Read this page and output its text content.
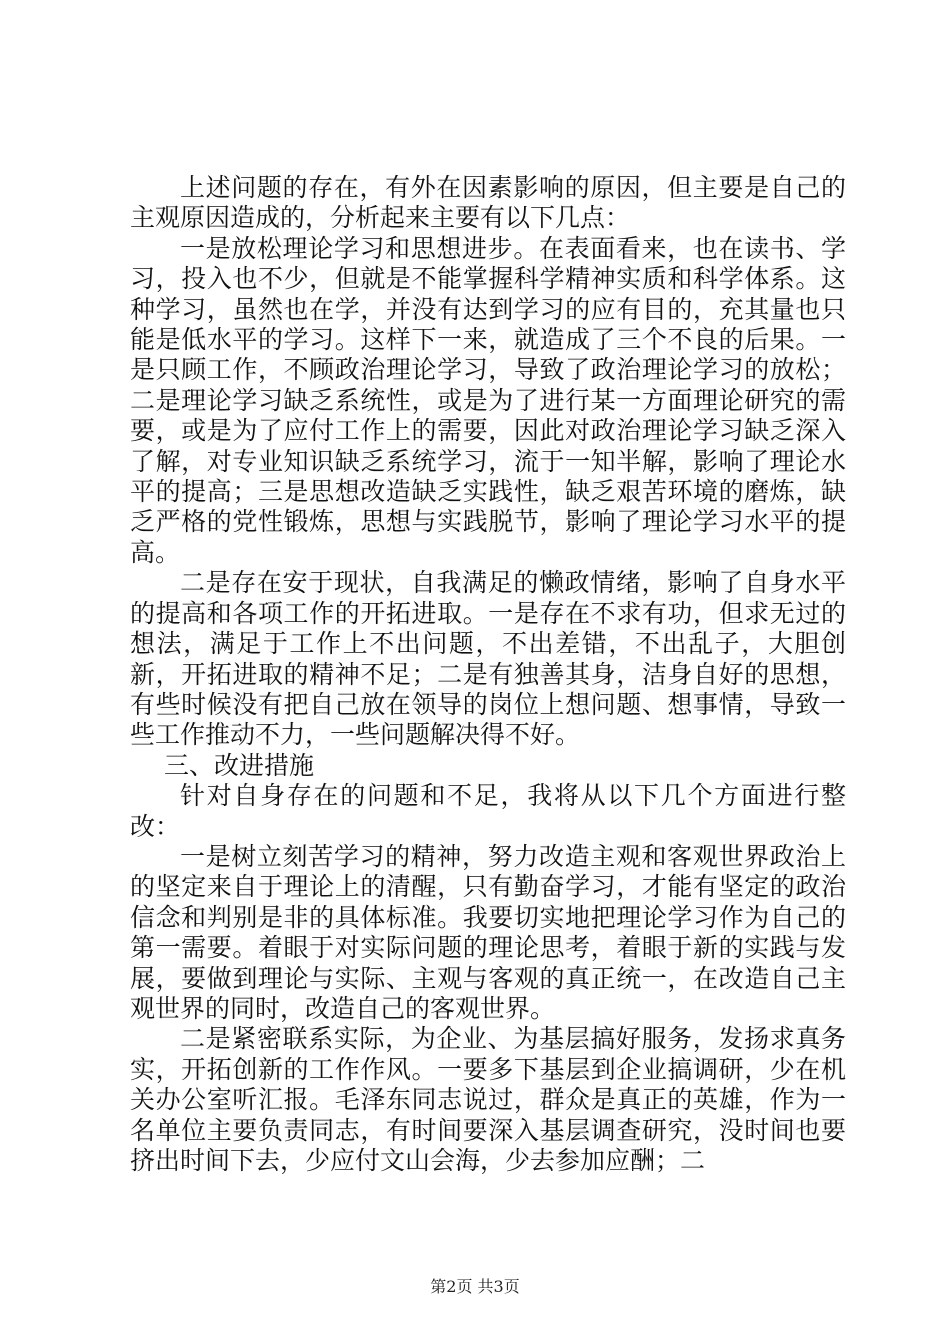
上述问题的存在，有外在因素影响的原因，但主要是自己的主观原因造成的，分析起来主要有以下几点：

一是放松理论学习和思想进步。在表面看来，也在读书、学习，投入也不少，但就是不能掌握科学精神实质和科学体系。这种学习，虽然也在学，并没有达到学习的应有目的，充其量也只能是低水平的学习。这样下一来，就造成了三个不良的后果。一是只顾工作，不顾政治理论学习，导致了政治理论学习的放松；二是理论学习缺乏系统性，或是为了进行某一方面理论研究的需要，或是为了应付工作上的需要，因此对政治理论学习缺乏深入了解，对专业知识缺乏系统学习，流于一知半解，影响了理论水平的提高；三是思想改造缺乏实践性，缺乏艰苦环境的磨炼，缺乏严格的党性锻炼，思想与实践脱节，影响了理论学习水平的提高。

二是存在安于现状，自我满足的懒政情绪，影响了自身水平的提高和各项工作的开拓进取。一是存在不求有功，但求无过的想法，满足于工作上不出问题，不出差错，不出乱子，大胆创新，开拓进取的精神不足；二是有独善其身，洁身自好的思想，有些时候没有把自己放在领导的岗位上想问题、想事情，导致一些工作推动不力，一些问题解决得不好。

三、改进措施

针对自身存在的问题和不足，我将从以下几个方面进行整改：

一是树立刻苦学习的精神，努力改造主观和客观世界政治上的坚定来自于理论上的清醒，只有勤奋学习，才能有坚定的政治信念和判别是非的具体标准。我要切实地把理论学习作为自己的第一需要。着眼于对实际问题的理论思考，着眼于新的实践与发展，要做到理论与实际、主观与客观的真正统一，在改造自己主观世界的同时，改造自己的客观世界。

二是紧密联系实际，为企业、为基层搞好服务，发扬求真务实，开拓创新的工作作风。一要多下基层到企业搞调研，少在机关办公室听汇报。毛泽东同志说过，群众是真正的英雄，作为一名单位主要负责同志，有时间要深入基层调查研究，没时间也要挤出时间下去，少应付文山会海，少去参加应酬；二

第2页 共3页
